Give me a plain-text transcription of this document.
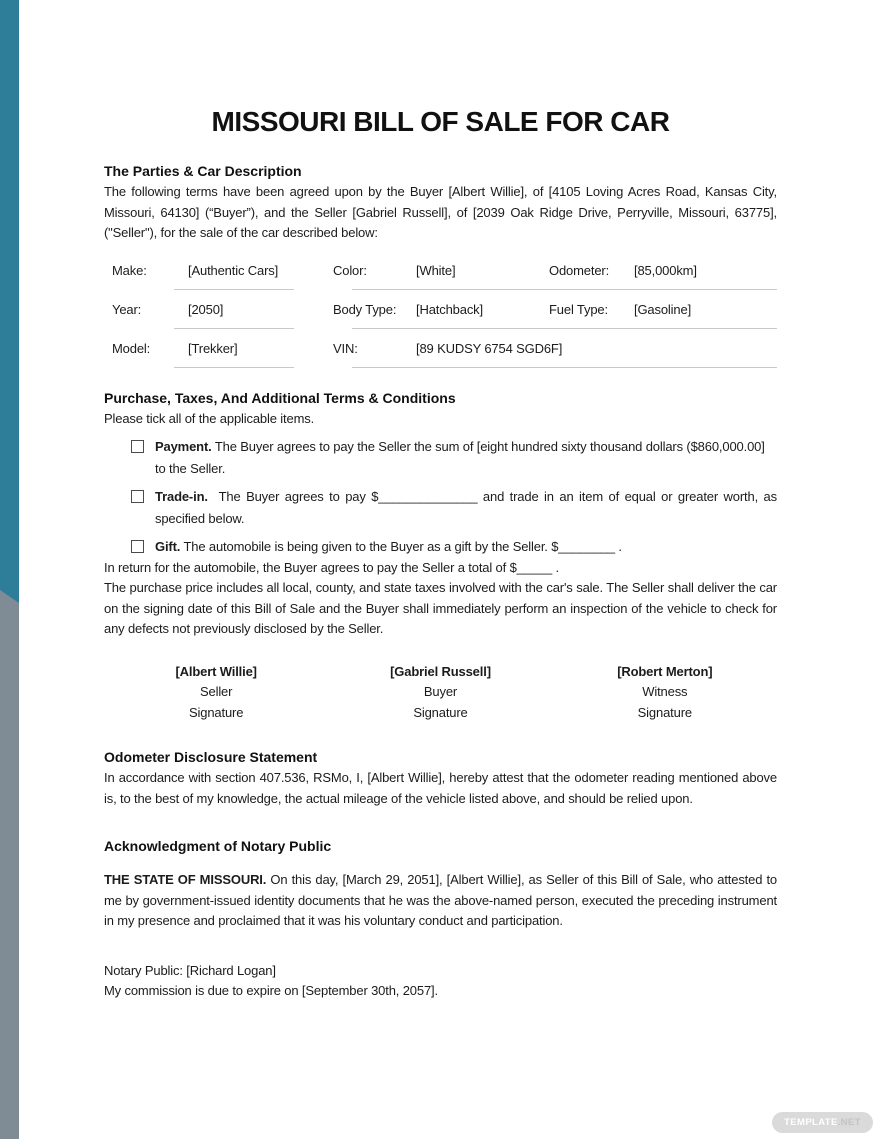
MISSOURI BILL OF SALE FOR CAR
The Parties & Car Description

The following terms have been agreed upon by the Buyer [Albert Willie], of [4105 Loving Acres Road, Kansas City, Missouri, 64130] (“Buyer”), and the Seller [Gabriel Russell], of [2039 Oak Ridge Drive, Perryville, Missouri, 63775], ("Seller"), for the sale of the car described below:

Make:	[Authentic Cars]	Color:	[White]	Odometer:	[85,000km]
Year:	[2050]	Body Type:	[Hatchback]	Fuel Type:	[Gasoline]
Model:	[Trekker]	VIN:	[89 KUDSY 6754 SGD6F]
Purchase, Taxes, And Additional Terms & Conditions

Please tick all of the applicable items.

Payment. The Buyer agrees to pay the Seller the sum of [eight hundred sixty thousand dollars ($860,000.00] to the Seller.

Trade-in. The Buyer agrees to pay $______________ and trade in an item of equal or greater worth, as specified below.

Gift. The automobile is being given to the Buyer as a gift by the Seller. $________ .

In return for the automobile, the Buyer agrees to pay the Seller a total of $_____ .

The purchase price includes all local, county, and state taxes involved with the car's sale. The Seller shall deliver the car on the signing date of this Bill of Sale and the Buyer shall immediately perform an inspection of the vehicle to check for any defects not previously disclosed by the Seller.

[Albert Willie]
Seller
Signature
[Gabriel Russell]
Buyer
Signature
[Robert Merton]
Witness
Signature
Odometer Disclosure Statement

In accordance with section 407.536, RSMo, I, [Albert Willie], hereby attest that the odometer reading mentioned above is, to the best of my knowledge, the actual mileage of the vehicle listed above, and should be relied upon.

Acknowledgment of Notary Public

THE STATE OF MISSOURI. On this day, [March 29, 2051], [Albert Willie], as Seller of this Bill of Sale, who attested to me by government-issued identity documents that he was the above-named person, executed the preceding instrument in my presence and proclaimed that it was his voluntary conduct and participation.

Notary Public: [Richard Logan]

My commission is due to expire on [September 30th, 2057].

TEMPLATE .NET
